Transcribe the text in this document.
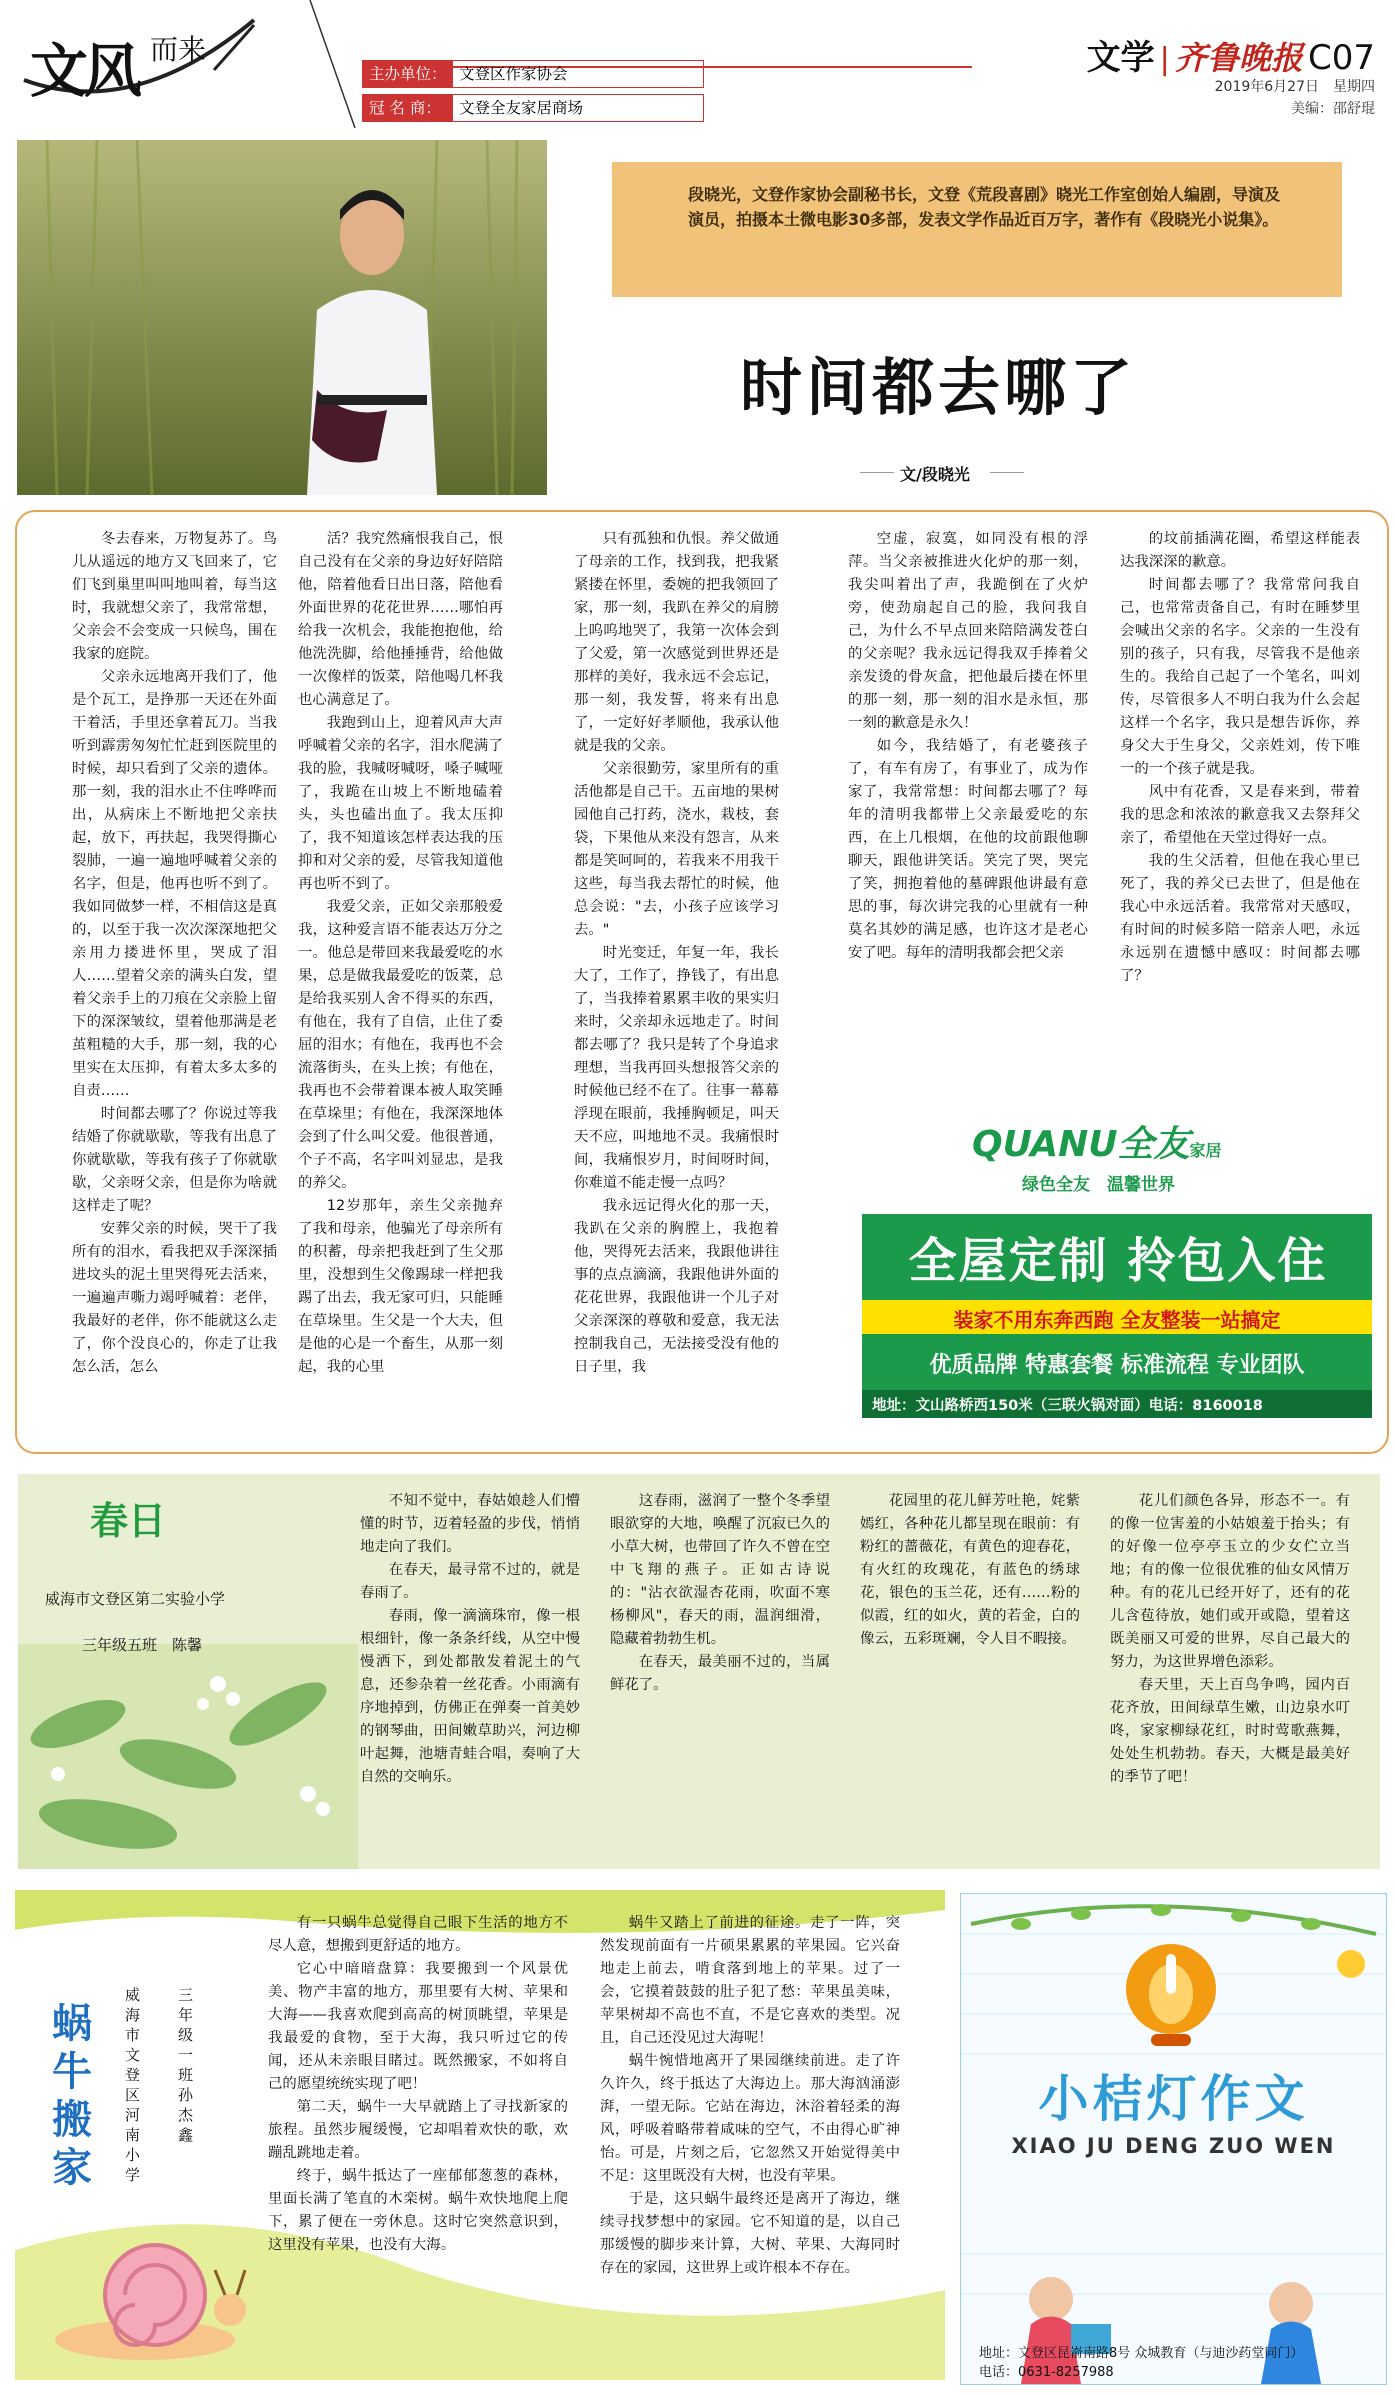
文风 而来
主办单位： 文登区作家协会
冠 名 商： 文登全友家居商场
文学 | 齐鲁晚报 C07
2019年6月27日　星期四
美编：邵舒琨
段晓光，文登作家协会副秘书长，文登《荒段喜剧》晓光工作室创始人编剧，导演及演员，拍摄本土微电影30多部，发表文学作品近百万字，著作有《段晓光小说集》。
时间都去哪了
文/段晓光

冬去春来，万物复苏了。鸟儿从遥远的地方又飞回来了，它们飞到巢里叫叫地叫着，每当这时，我就想父亲了，我常常想，父亲会不会变成一只候鸟，围在我家的庭院。

父亲永远地离开我们了，他是个瓦工，是挣那一天还在外面干着活，手里还拿着瓦刀。当我听到霹雳匆匆忙忙赶到医院里的时候，却只看到了父亲的遗体。那一刻，我的泪水止不住哗哗而出，从病床上不断地把父亲扶起，放下，再扶起，我哭得撕心裂肺，一遍一遍地呼喊着父亲的名字，但是，他再也听不到了。我如同做梦一样，不相信这是真的，以至于我一次次深深地把父亲用力搂进怀里，哭成了泪人……望着父亲的满头白发，望着父亲手上的刀痕在父亲脸上留下的深深皱纹，望着他那满是老茧粗糙的大手，那一刻，我的心里实在太压抑，有着太多太多的自责……

时间都去哪了？你说过等我结婚了你就歇歇，等我有出息了你就歇歇，等我有孩子了你就歇歇，父亲呀父亲，但是你为啥就这样走了呢？

安葬父亲的时候，哭干了我所有的泪水，看我把双手深深插进坟头的泥土里哭得死去活来，一遍遍声嘶力竭呼喊着：老伴，我最好的老伴，你不能就这么走了，你个没良心的，你走了让我怎么活，怎么

活？我究然痛恨我自己，恨自己没有在父亲的身边好好陪陪他，陪着他看日出日落，陪他看外面世界的花花世界……哪怕再给我一次机会，我能抱抱他，给他洗洗脚，给他捶捶背，给他做一次像样的饭菜，陪他喝几杯我也心满意足了。

我跑到山上，迎着风声大声呼喊着父亲的名字，泪水爬满了我的脸，我喊呀喊呀，嗓子喊哑了，我跪在山坡上不断地磕着头，头也磕出血了。我太压抑了，我不知道该怎样表达我的压抑和对父亲的爱，尽管我知道他再也听不到了。

我爱父亲，正如父亲那般爱我，这种爱言语不能表达万分之一。他总是带回来我最爱吃的水果，总是做我最爱吃的饭菜，总是给我买别人舍不得买的东西，有他在，我有了自信，止住了委屈的泪水；有他在，我再也不会流落街头，在头上挨；有他在，我再也不会带着课本被人取笑睡在草垛里；有他在，我深深地体会到了什么叫父爱。他很普通，个子不高，名字叫刘显忠，是我的养父。

12岁那年，亲生父亲抛弃了我和母亲，他骗光了母亲所有的积蓄，母亲把我赶到了生父那里，没想到生父像踢球一样把我踢了出去，我无家可归，只能睡在草垛里。生父是一个大夫，但是他的心是一个畜生，从那一刻起，我的心里

只有孤独和仇恨。养父做通了母亲的工作，找到我，把我紧紧搂在怀里，委婉的把我领回了家，那一刻，我趴在养父的肩膀上呜呜地哭了，我第一次体会到了父爱，第一次感觉到世界还是那样的美好，我永远不会忘记，那一刻，我发誓，将来有出息了，一定好好孝顺他，我承认他就是我的父亲。

父亲很勤劳，家里所有的重活他都是自己干。五亩地的果树园他自己打药，浇水，栽枝，套袋，下果他从来没有怨言，从来都是笑呵呵的，若我来不用我干这些，每当我去帮忙的时候，他总会说："去，小孩子应该学习去。"

时光变迁，年复一年，我长大了，工作了，挣钱了，有出息了，当我捧着累累丰收的果实归来时，父亲却永远地走了。时间都去哪了？我只是转了个身追求理想，当我再回头想报答父亲的时候他已经不在了。往事一幕幕浮现在眼前，我捶胸顿足，叫天天不应，叫地地不灵。我痛恨时间，我痛恨岁月，时间呀时间，你难道不能走慢一点吗？

我永远记得火化的那一天，我趴在父亲的胸膛上，我抱着他，哭得死去活来，我跟他讲往事的点点滴滴，我跟他讲外面的花花世界，我跟他讲一个儿子对父亲深深的尊敬和爱意，我无法控制我自己，无法接受没有他的日子里，我

空虚，寂寞，如同没有根的浮萍。当父亲被推进火化炉的那一刻，我尖叫着出了声，我跪倒在了火炉旁，使劲扇起自己的脸，我问我自己，为什么不早点回来陪陪满发苍白的父亲呢？我永远记得我双手捧着父亲发烫的骨灰盒，把他最后搂在怀里的那一刻，那一刻的泪水是永恒，那一刻的歉意是永久！

如今，我结婚了，有老婆孩子了，有车有房了，有事业了，成为作家了，我常常想：时间都去哪了？每年的清明我都带上父亲最爱吃的东西，在上几根烟，在他的坟前跟他聊聊天，跟他讲笑话。笑完了哭，哭完了笑，拥抱着他的墓碑跟他讲最有意思的事，每次讲完我的心里就有一种莫名其妙的满足感，也许这才是老心安了吧。每年的清明我都会把父亲

的坟前插满花圈，希望这样能表达我深深的歉意。

时间都去哪了？我常常问我自己，也常常责备自己，有时在睡梦里会喊出父亲的名字。父亲的一生没有别的孩子，只有我，尽管我不是他亲生的。我给自己起了一个笔名，叫刘传，尽管很多人不明白我为什么会起这样一个名字，我只是想告诉你，养身父大于生身父，父亲姓刘，传下唯一的一个孩子就是我。

风中有花香，又是春来到，带着我的思念和浓浓的歉意我又去祭拜父亲了，希望他在天堂过得好一点。

我的生父活着，但他在我心里已死了，我的养父已去世了，但是他在我心中永远活着。我常常对天感叹，有时间的时候多陪一陪亲人吧，永远永远别在遗憾中感叹：时间都去哪了？

QUANU全友家居
绿色全友　温馨世界
全屋定制 拎包入住
装家不用东奔西跑 全友整装一站搞定
优质品牌 特惠套餐 标准流程 专业团队
地址：文山路桥西150米（三联火锅对面）电话：8160018
春日
威海市文登区第二实验小学
三年级五班　陈馨

不知不觉中，春姑娘趁人们懵懂的时节，迈着轻盈的步伐，悄悄地走向了我们。

在春天，最寻常不过的，就是春雨了。

春雨，像一滴滴珠帘，像一根根细针，像一条条纤线，从空中慢慢洒下，到处都散发着泥土的气息，还参杂着一丝花香。小雨滴有序地掉到，仿佛正在弹奏一首美妙的钢琴曲，田间嫩草助兴，河边柳叶起舞，池塘青蛙合唱，奏响了大自然的交响乐。

这春雨，滋润了一整个冬季望眼欲穿的大地，唤醒了沉寂已久的小草大树，也带回了许久不曾在空中飞翔的燕子。正如古诗说的："沾衣欲湿杏花雨，吹面不寒杨柳风"，春天的雨，温润细滑，隐藏着勃勃生机。

在春天，最美丽不过的，当属鲜花了。

花园里的花儿鲜芳吐艳，姹紫嫣红，各种花儿都呈现在眼前：有粉红的蔷薇花，有黄色的迎春花，有火红的玫瑰花，有蓝色的绣球花，银色的玉兰花，还有……粉的似霞，红的如火，黄的若金，白的像云，五彩斑斓，令人目不暇接。

花儿们颜色各异，形态不一。有的像一位害羞的小姑娘羞于抬头；有的好像一位亭亭玉立的少女伫立当地；有的像一位很优雅的仙女风情万种。有的花儿已经开好了，还有的花儿含苞待放，她们或开或隐，望着这既美丽又可爱的世界，尽自己最大的努力，为这世界增色添彩。

春天里，天上百鸟争鸣，园内百花齐放，田间绿草生嫩，山边泉水叮咚，家家柳绿花红，时时莺歌燕舞，处处生机勃勃。春天，大概是最美好的季节了吧！

蜗牛搬家
威海市文登区河南小学
三年级一班　孙杰鑫

有一只蜗牛总觉得自己眼下生活的地方不尽人意，想搬到更舒适的地方。

它心中暗暗盘算：我要搬到一个风景优美、物产丰富的地方，那里要有大树、苹果和大海——我喜欢爬到高高的树顶眺望，苹果是我最爱的食物，至于大海，我只听过它的传闻，还从未亲眼目睹过。既然搬家，不如将自己的愿望统统实现了吧！

第二天，蜗牛一大早就踏上了寻找新家的旅程。虽然步履缓慢，它却唱着欢快的歌，欢蹦乱跳地走着。

终于，蜗牛抵达了一座郁郁葱葱的森林，里面长满了笔直的木栾树。蜗牛欢快地爬上爬下，累了便在一旁休息。这时它突然意识到，这里没有苹果，也没有大海。

蜗牛又踏上了前进的征途。走了一阵，突然发现前面有一片硕果累累的苹果园。它兴奋地走上前去，啃食落到地上的苹果。过了一会，它摸着鼓鼓的肚子犯了愁：苹果虽美味，苹果树却不高也不直，不是它喜欢的类型。况且，自己还没见过大海呢！

蜗牛惋惜地离开了果园继续前进。走了许久许久，终于抵达了大海边上。那大海汹涌澎湃，一望无际。它站在海边，沐浴着轻柔的海风，呼吸着略带着咸味的空气，不由得心旷神怡。可是，片刻之后，它忽然又开始觉得美中不足：这里既没有大树，也没有苹果。

于是，这只蜗牛最终还是离开了海边，继续寻找梦想中的家园。它不知道的是，以自己那缓慢的脚步来计算，大树、苹果、大海同时存在的家园，这世界上或许根本不存在。

小桔灯作文
XIAO JU DENG ZUO WEN
地址：文登区昆嵛南路8号 众城教育（与迪沙药堂同门）
电话：0631-8257988
